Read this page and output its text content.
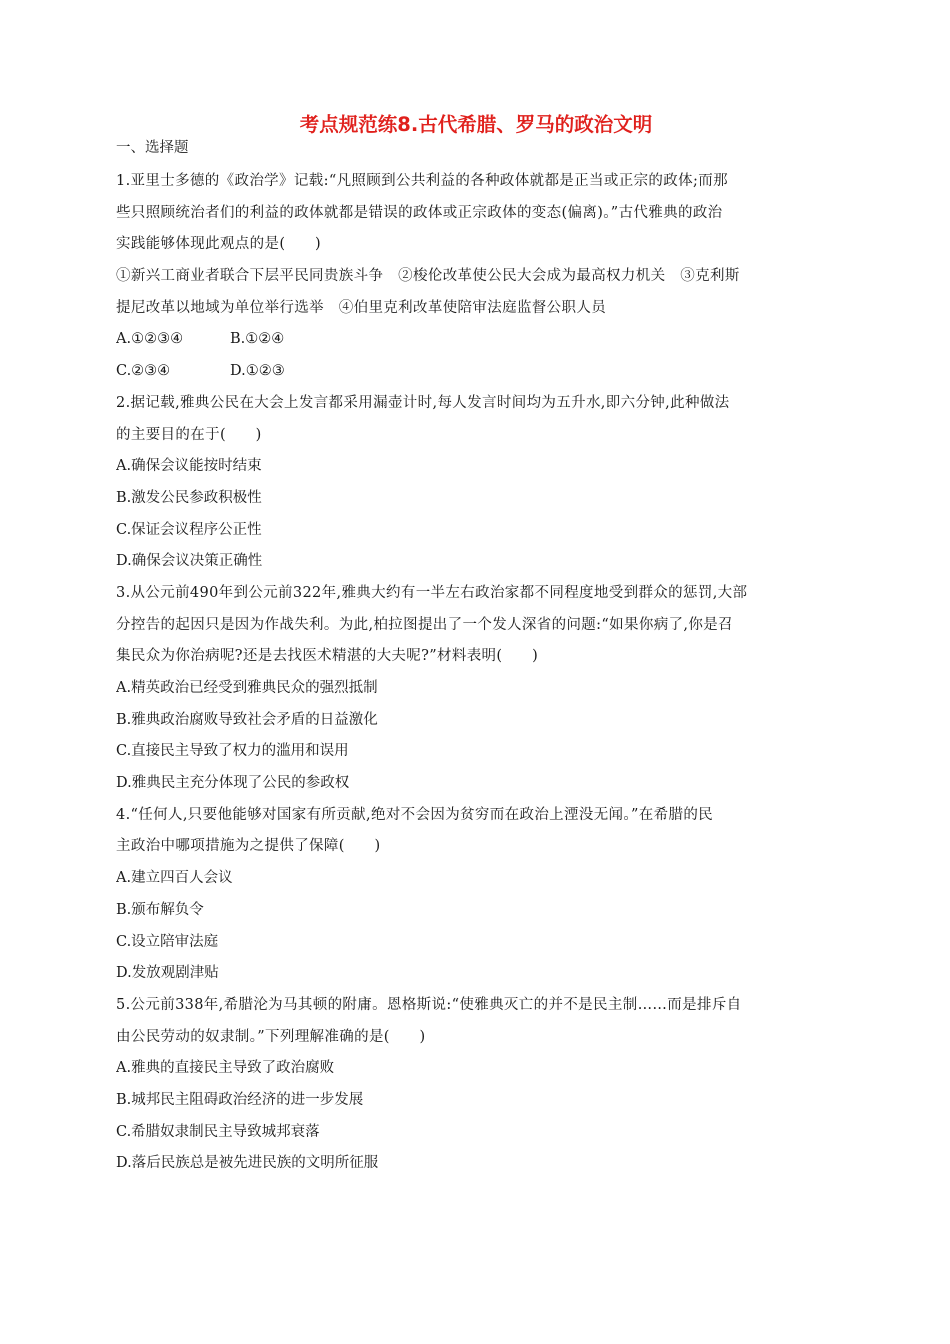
考点规范练8.古代希腊、罗马的政治文明
一、选择题
1.亚里士多德的《政治学》记载:“凡照顾到公共利益的各种政体就都是正当或正宗的政体;而那
些只照顾统治者们的利益的政体就都是错误的政体或正宗政体的变态(偏离)。”古代雅典的政治
实践能够体现此观点的是(　　)
①新兴工商业者联合下层平民同贵族斗争　②梭伦改革使公民大会成为最高权力机关　③克利斯
提尼改革以地域为单位举行选举　④伯里克利改革使陪审法庭监督公职人员
A.①②③④	B.①②④
C.②③④	D.①②③
2.据记载,雅典公民在大会上发言都采用漏壶计时,每人发言时间均为五升水,即六分钟,此种做法
的主要目的在于(　　)
A.确保会议能按时结束
B.激发公民参政积极性
C.保证会议程序公正性
D.确保会议决策正确性
3.从公元前490年到公元前322年,雅典大约有一半左右政治家都不同程度地受到群众的惩罚,大部
分控告的起因只是因为作战失利。为此,柏拉图提出了一个发人深省的问题:“如果你病了,你是召
集民众为你治病呢?还是去找医术精湛的大夫呢?”材料表明(　　)
A.精英政治已经受到雅典民众的强烈抵制
B.雅典政治腐败导致社会矛盾的日益激化
C.直接民主导致了权力的滥用和误用
D.雅典民主充分体现了公民的参政权
4.“任何人,只要他能够对国家有所贡献,绝对不会因为贫穷而在政治上湮没无闻。”在希腊的民
主政治中哪项措施为之提供了保障(　　)
A.建立四百人会议
B.颁布解负令
C.设立陪审法庭
D.发放观剧津贴
5.公元前338年,希腊沦为马其顿的附庸。恩格斯说:“使雅典灭亡的并不是民主制……而是排斥自
由公民劳动的奴隶制。”下列理解准确的是(　　)
A.雅典的直接民主导致了政治腐败
B.城邦民主阻碍政治经济的进一步发展
C.希腊奴隶制民主导致城邦衰落
D.落后民族总是被先进民族的文明所征服
